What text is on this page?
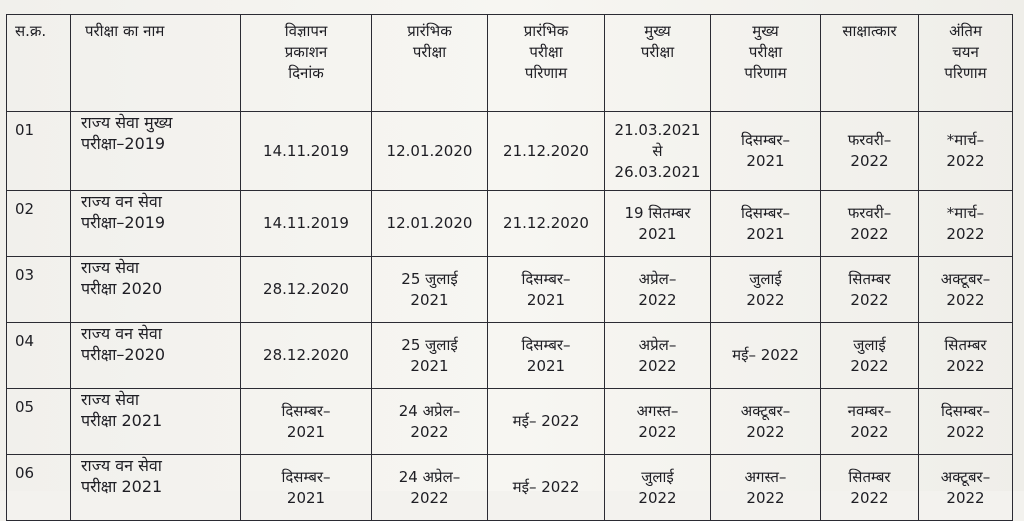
स.क्र.	परीक्षा का नाम	विज्ञापन
प्रकाशन
दिनांक	प्रारंभिक
परीक्षा	प्रारंभिक
परीक्षा
परिणाम	मुख्य
परीक्षा	मुख्य
परीक्षा
परिणाम	साक्षात्कार	अंतिम
चयन
परिणाम

01	राज्य सेवा मुख्य
परीक्षा–2019	14.11.2019	12.01.2020	21.12.2020	21.03.2021
से
26.03.2021	दिसम्बर–
2021	फरवरी–
2022	*मार्च–
2022

02	राज्य वन सेवा
परीक्षा–2019	14.11.2019	12.01.2020	21.12.2020	19 सितम्बर
2021	दिसम्बर–
2021	फरवरी–
2022	*मार्च–
2022

03	राज्य सेवा
परीक्षा 2020	28.12.2020	25 जुलाई
2021	दिसम्बर–
2021	अप्रेल–
2022	जुलाई
2022	सितम्बर
2022	अक्टूबर–
2022

04	राज्य वन सेवा
परीक्षा–2020	28.12.2020	25 जुलाई
2021	दिसम्बर–
2021	अप्रेल–
2022	मई– 2022	जुलाई
2022	सितम्बर
2022

05	राज्य सेवा
परीक्षा 2021	दिसम्बर–
2021	24 अप्रेल–
2022	मई– 2022	अगस्त–
2022	अक्टूबर–
2022	नवम्बर–
2022	दिसम्बर–
2022

06	राज्य वन सेवा
परीक्षा 2021	दिसम्बर–
2021	24 अप्रेल–
2022	मई– 2022	जुलाई
2022	अगस्त–
2022	सितम्बर
2022	अक्टूबर–
2022
